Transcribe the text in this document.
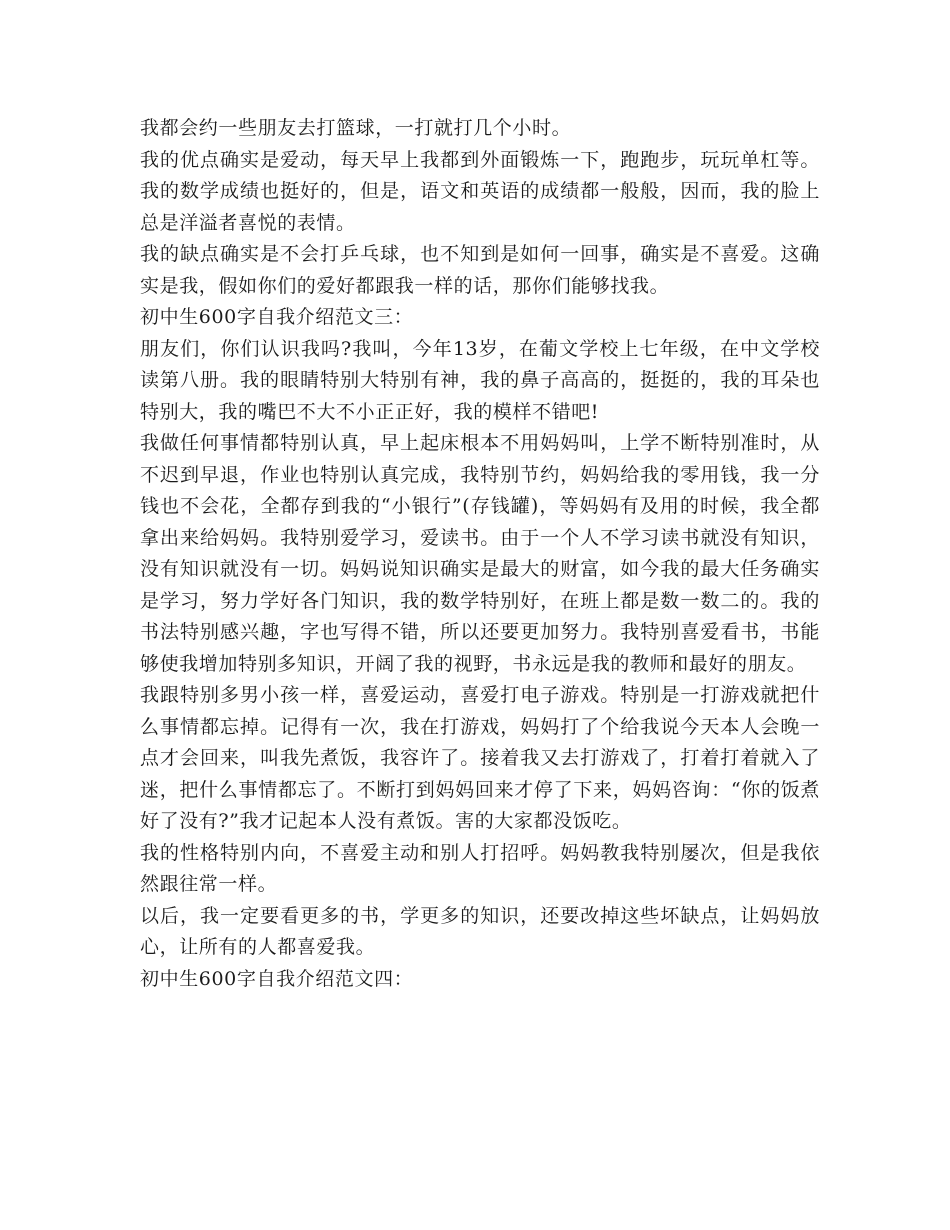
我都会约一些朋友去打篮球，一打就打几个小时。

我的优点确实是爱动，每天早上我都到外面锻炼一下，跑跑步，玩玩单杠等。我的数学成绩也挺好的，但是，语文和英语的成绩都一般般，因而，我的脸上总是洋溢者喜悦的表情。

我的缺点确实是不会打乒乓球，也不知到是如何一回事，确实是不喜爱。这确实是我，假如你们的爱好都跟我一样的话，那你们能够找我。

初中生600字自我介绍范文三：

朋友们，你们认识我吗?我叫，今年13岁，在葡文学校上七年级，在中文学校读第八册。我的眼睛特别大特别有神，我的鼻子高高的，挺挺的，我的耳朵也特别大，我的嘴巴不大不小正正好，我的模样不错吧!

我做任何事情都特别认真，早上起床根本不用妈妈叫，上学不断特别准时，从不迟到早退，作业也特别认真完成，我特别节约，妈妈给我的零用钱，我一分钱也不会花，全都存到我的“小银行”(存钱罐)，等妈妈有及用的时候，我全都拿出来给妈妈。我特别爱学习，爱读书。由于一个人不学习读书就没有知识，没有知识就没有一切。妈妈说知识确实是最大的财富，如今我的最大任务确实是学习，努力学好各门知识，我的数学特别好，在班上都是数一数二的。我的书法特别感兴趣，字也写得不错，所以还要更加努力。我特别喜爱看书，书能够使我增加特别多知识，开阔了我的视野，书永远是我的教师和最好的朋友。

我跟特别多男小孩一样，喜爱运动，喜爱打电子游戏。特别是一打游戏就把什么事情都忘掉。记得有一次，我在打游戏，妈妈打了个给我说今天本人会晚一点才会回来，叫我先煮饭，我容许了。接着我又去打游戏了，打着打着就入了迷，把什么事情都忘了。不断打到妈妈回来才停了下来，妈妈咨询：“你的饭煮好了没有?”我才记起本人没有煮饭。害的大家都没饭吃。

我的性格特别内向，不喜爱主动和别人打招呼。妈妈教我特别屡次，但是我依然跟往常一样。

以后，我一定要看更多的书，学更多的知识，还要改掉这些坏缺点，让妈妈放心，让所有的人都喜爱我。

初中生600字自我介绍范文四：
